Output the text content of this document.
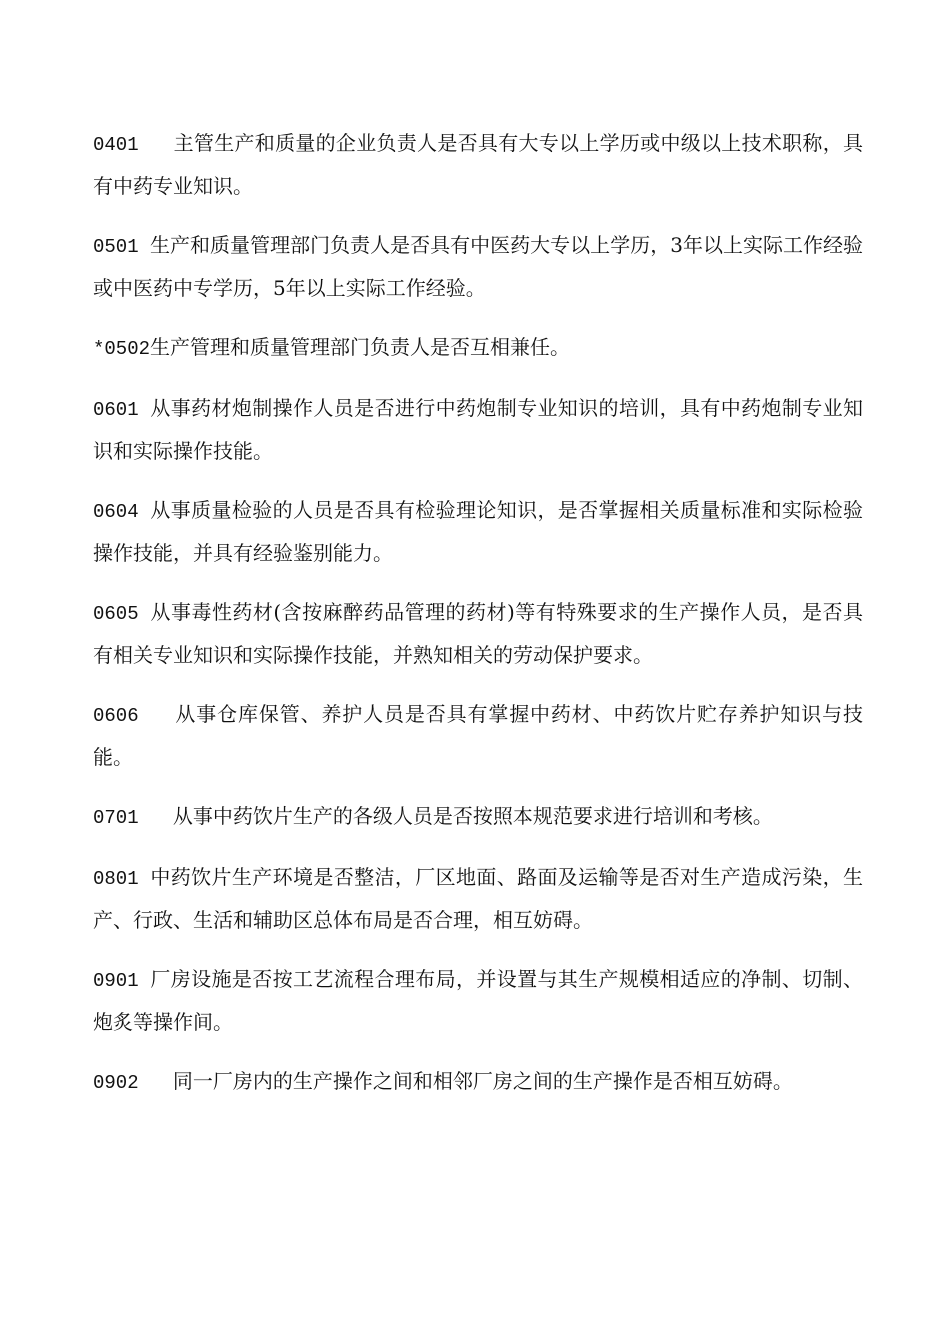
0401   主管生产和质量的企业负责人是否具有大专以上学历或中级以上技术职称，具有中药专业知识。

0501 生产和质量管理部门负责人是否具有中医药大专以上学历，3年以上实际工作经验或中医药中专学历，5年以上实际工作经验。

*0502生产管理和质量管理部门负责人是否互相兼任。

0601 从事药材炮制操作人员是否进行中药炮制专业知识的培训，具有中药炮制专业知识和实际操作技能。

0604 从事质量检验的人员是否具有检验理论知识，是否掌握相关质量标准和实际检验操作技能，并具有经验鉴别能力。

0605 从事毒性药材(含按麻醉药品管理的药材)等有特殊要求的生产操作人员，是否具有相关专业知识和实际操作技能，并熟知相关的劳动保护要求。

0606   从事仓库保管、养护人员是否具有掌握中药材、中药饮片贮存养护知识与技能。

0701   从事中药饮片生产的各级人员是否按照本规范要求进行培训和考核。

0801 中药饮片生产环境是否整洁，厂区地面、路面及运输等是否对生产造成污染，生产、行政、生活和辅助区总体布局是否合理，相互妨碍。

0901 厂房设施是否按工艺流程合理布局，并设置与其生产规模相适应的净制、切制、炮炙等操作间。

0902   同一厂房内的生产操作之间和相邻厂房之间的生产操作是否相互妨碍。
